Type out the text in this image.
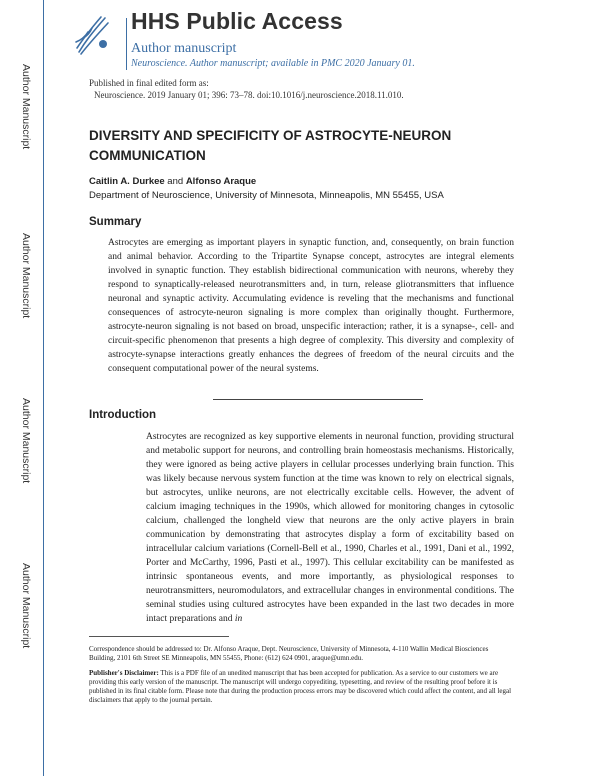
Author Manuscript
Author Manuscript
Author Manuscript
Author Manuscript
HHS Public Access
Author manuscript
Neuroscience. Author manuscript; available in PMC 2020 January 01.
Published in final edited form as:
Neuroscience. 2019 January 01; 396: 73–78. doi:10.1016/j.neuroscience.2018.11.010.
DIVERSITY AND SPECIFICITY OF ASTROCYTE-NEURON COMMUNICATION
Caitlin A. Durkee and Alfonso Araque
Department of Neuroscience, University of Minnesota, Minneapolis, MN 55455, USA
Summary

Astrocytes are emerging as important players in synaptic function, and, consequently, on brain function and animal behavior. According to the Tripartite Synapse concept, astrocytes are integral elements involved in synaptic function. They establish bidirectional communication with neurons, whereby they respond to synaptically-released neurotransmitters and, in turn, release gliotransmitters that influence neuronal and synaptic activity. Accumulating evidence is reveling that the mechanisms and functional consequences of astrocyte-neuron signaling is more complex than originally thought. Furthermore, astrocyte-neuron signaling is not based on broad, unspecific interaction; rather, it is a synapse-, cell- and circuit-specific phenomenon that presents a high degree of complexity. This diversity and complexity of astrocyte-synapse interactions greatly enhances the degrees of freedom of the neural circuits and the consequent computational power of the neural systems.

Introduction

Astrocytes are recognized as key supportive elements in neuronal function, providing structural and metabolic support for neurons, and controlling brain homeostasis mechanisms. Historically, they were ignored as being active players in cellular processes underlying brain function. This was likely because nervous system function at the time was known to rely on electrical signals, but astrocytes, unlike neurons, are not electrically excitable cells. However, the advent of calcium imaging techniques in the 1990s, which allowed for monitoring changes in cytosolic calcium, challenged the longheld view that neurons are the only active players in brain communication by demonstrating that astrocytes display a form of excitability based on intracellular calcium variations (Cornell-Bell et al., 1990, Charles et al., 1991, Dani et al., 1992, Porter and McCarthy, 1996, Pasti et al., 1997). This cellular excitability can be manifested as intrinsic spontaneous events, and more importantly, as physiological responses to neurotransmitters, neuromodulators, and extracellular changes in environmental conditions. The seminal studies using cultured astrocytes have been expanded in the last two decades in more intact preparations and in

Correspondence should be addressed to: Dr. Alfonso Araque, Dept. Neuroscience, University of Minnesota, 4-110 Wallin Medical Biosciences Building, 2101 6th Street SE Minneapolis, MN 55455, Phone: (612) 624 0901, araque@umn.edu.

Publisher's Disclaimer: This is a PDF file of an unedited manuscript that has been accepted for publication. As a service to our customers we are providing this early version of the manuscript. The manuscript will undergo copyediting, typesetting, and review of the resulting proof before it is published in its final citable form. Please note that during the production process errors may be discovered which could affect the content, and all legal disclaimers that apply to the journal pertain.
